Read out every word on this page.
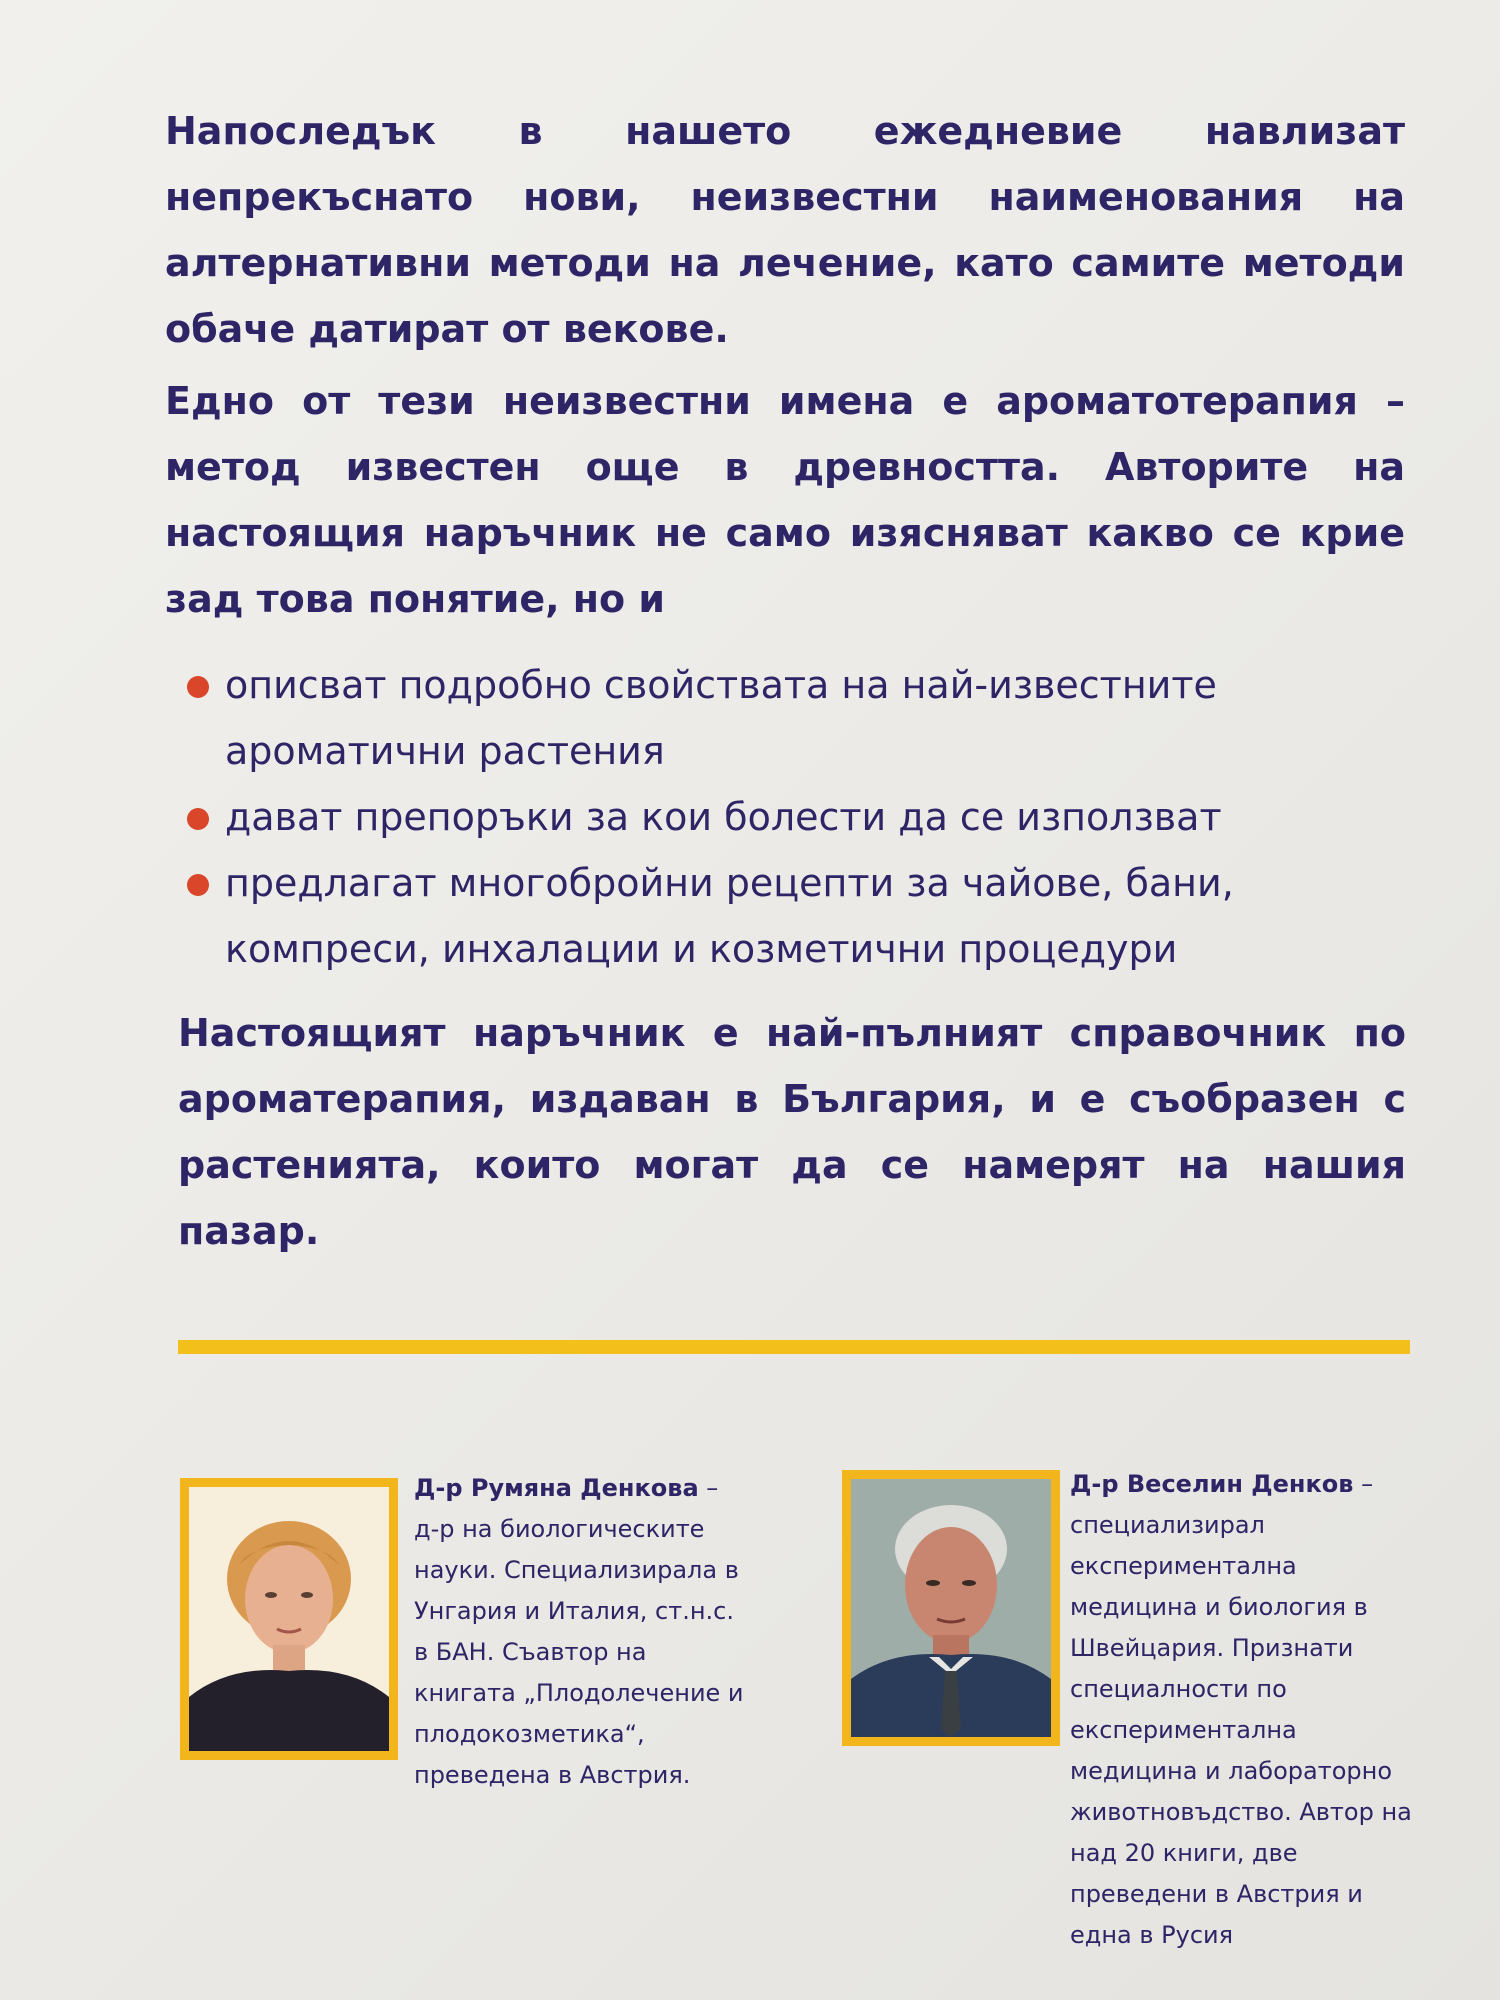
Напоследък в нашето ежедневие навлизат непрекъснато нови, неизвестни наименования на алтернативни методи на лечение, като самите методи обаче датират от векове.

Едно от тези неизвестни имена е ароматотерапия – метод известен още в древността. Авторите на настоящия наръчник не само изясняват какво се крие зад това понятие, но и

описват подробно свойствата на най-известните ароматични растения
дават препоръки за кои болести да се използват
предлагат многобройни рецепти за чайове, бани, компреси, инхалации и козметични процедури

Настоящият наръчник е най-пълният справочник по ароматерапия, издаван в България, и е съобразен с растенията, които могат да се намерят на нашия пазар.

Д-р Румяна Денкова – д-р на биологическите науки. Специализирала в Унгария и Италия, ст.н.с. в БАН. Съавтор на книгата „Плодолечение и плодокозметика“, преведена в Австрия.

Д-р Веселин Денков – специализирал експериментална медицина и биология в Швейцария. Признати специалности по експериментална медицина и лабораторно животновъдство. Автор на над 20 книги, две преведени в Австрия и една в Русия
